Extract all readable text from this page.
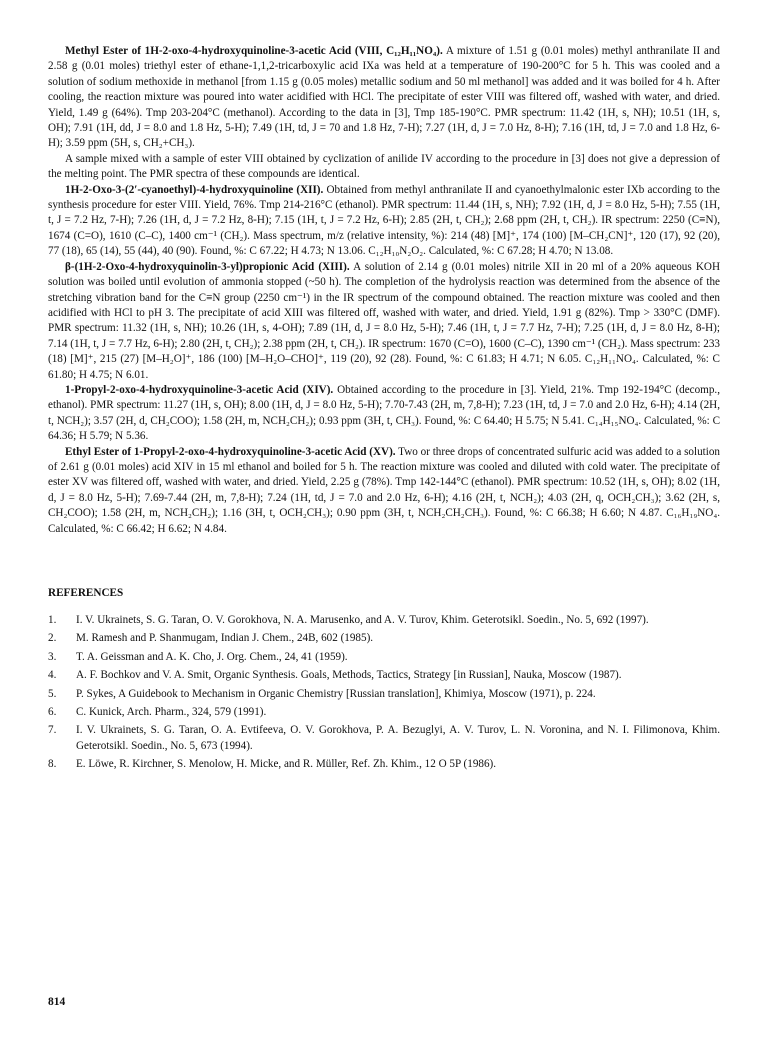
Methyl Ester of 1H-2-oxo-4-hydroxyquinoline-3-acetic Acid (VIII, C₁₂H₁₁NO₄). A mixture of 1.51 g (0.01 moles) methyl anthranilate II and 2.58 g (0.01 moles) triethyl ester of ethane-1,1,2-tricarboxylic acid IXa was held at a temperature of 190-200°C for 5 h. This was cooled and a solution of sodium methoxide in methanol [from 1.15 g (0.05 moles) metallic sodium and 50 ml methanol] was added and it was boiled for 4 h. After cooling, the reaction mixture was poured into water acidified with HCl. The precipitate of ester VIII was filtered off, washed with water, and dried. Yield, 1.49 g (64%). Tmp 203-204°C (methanol). According to the data in [3], Tmp 185-190°C. PMR spectrum: 11.42 (1H, s, NH); 10.51 (1H, s, OH); 7.91 (1H, dd, J = 8.0 and 1.8 Hz, 5-H); 7.49 (1H, td, J = 70 and 1.8 Hz, 7-H); 7.27 (1H, d, J = 7.0 Hz, 8-H); 7.16 (1H, td, J = 7.0 and 1.8 Hz, 6-H); 3.59 ppm (5H, s, CH₂+CH₃).

A sample mixed with a sample of ester VIII obtained by cyclization of anilide IV according to the procedure in [3] does not give a depression of the melting point. The PMR spectra of these compounds are identical.

1H-2-Oxo-3-(2′-cyanoethyl)-4-hydroxyquinoline (XII). Obtained from methyl anthranilate II and cyanoethylmalonic ester IXb according to the synthesis procedure for ester VIII. Yield, 76%. Tmp 214-216°C (ethanol). PMR spectrum: 11.44 (1H, s, NH); 7.92 (1H, d, J = 8.0 Hz, 5-H); 7.55 (1H, t, J = 7.2 Hz, 7-H); 7.26 (1H, d, J = 7.2 Hz, 8-H); 7.15 (1H, t, J = 7.2 Hz, 6-H); 2.85 (2H, t, CH₂); 2.68 ppm (2H, t, CH₂). IR spectrum: 2250 (C≡N), 1674 (C=O), 1610 (C–C), 1400 cm⁻¹ (CH₂). Mass spectrum, m/z (relative intensity, %): 214 (48) [M]⁺, 174 (100) [M–CH₂CN]⁺, 120 (17), 92 (20), 77 (18), 65 (14), 55 (44), 40 (90). Found, %: C 67.22; H 4.73; N 13.06. C₁₂H₁₀N₂O₂. Calculated, %: C 67.28; H 4.70; N 13.08.

β-(1H-2-Oxo-4-hydroxyquinolin-3-yl)propionic Acid (XIII). A solution of 2.14 g (0.01 moles) nitrile XII in 20 ml of a 20% aqueous KOH solution was boiled until evolution of ammonia stopped (~50 h). The completion of the hydrolysis reaction was determined from the absence of the stretching vibration band for the C≡N group (2250 cm⁻¹) in the IR spectrum of the compound obtained. The reaction mixture was cooled and then acidified with HCl to pH 3. The precipitate of acid XIII was filtered off, washed with water, and dried. Yield, 1.91 g (82%). Tmp > 330°C (DMF). PMR spectrum: 11.32 (1H, s, NH); 10.26 (1H, s, 4-OH); 7.89 (1H, d, J = 8.0 Hz, 5-H); 7.46 (1H, t, J = 7.7 Hz, 7-H); 7.25 (1H, d, J = 8.0 Hz, 8-H); 7.14 (1H, t, J = 7.7 Hz, 6-H); 2.80 (2H, t, CH₂); 2.38 ppm (2H, t, CH₂). IR spectrum: 1670 (C=O), 1600 (C–C), 1390 cm⁻¹ (CH₂). Mass spectrum: 233 (18) [M]⁺, 215 (27) [M–H₂O]⁺, 186 (100) [M–H₂O–CHO]⁺, 119 (20), 92 (28). Found, %: C 61.83; H 4.71; N 6.05. C₁₂H₁₁NO₄. Calculated, %: C 61.80; H 4.75; N 6.01.

1-Propyl-2-oxo-4-hydroxyquinoline-3-acetic Acid (XIV). Obtained according to the procedure in [3]. Yield, 21%. Tmp 192-194°C (decomp., ethanol). PMR spectrum: 11.27 (1H, s, OH); 8.00 (1H, d, J = 8.0 Hz, 5-H); 7.70-7.43 (2H, m, 7,8-H); 7.23 (1H, td, J = 7.0 and 2.0 Hz, 6-H); 4.14 (2H, t, NCH₂); 3.57 (2H, d, CH₂COO); 1.58 (2H, m, NCH₂CH₂); 0.93 ppm (3H, t, CH₃). Found, %: C 64.40; H 5.75; N 5.41. C₁₄H₁₅NO₄. Calculated, %: C 64.36; H 5.79; N 5.36.

Ethyl Ester of 1-Propyl-2-oxo-4-hydroxyquinoline-3-acetic Acid (XV). Two or three drops of concentrated sulfuric acid was added to a solution of 2.61 g (0.01 moles) acid XIV in 15 ml ethanol and boiled for 5 h. The reaction mixture was cooled and diluted with cold water. The precipitate of ester XV was filtered off, washed with water, and dried. Yield, 2.25 g (78%). Tmp 142-144°C (ethanol). PMR spectrum: 10.52 (1H, s, OH); 8.02 (1H, d, J = 8.0 Hz, 5-H); 7.69-7.44 (2H, m, 7,8-H); 7.24 (1H, td, J = 7.0 and 2.0 Hz, 6-H); 4.16 (2H, t, NCH₂); 4.03 (2H, q, OCH₂CH₃); 3.62 (2H, s, CH₂COO); 1.58 (2H, m, NCH₂CH₂); 1.16 (3H, t, OCH₂CH₃); 0.90 ppm (3H, t, NCH₂CH₂CH₃). Found, %: C 66.38; H 6.60; N 4.87. C₁₆H₁₉NO₄. Calculated, %: C 66.42; H 6.62; N 4.84.

REFERENCES
1.	I. V. Ukrainets, S. G. Taran, O. V. Gorokhova, N. A. Marusenko, and A. V. Turov, Khim. Geterotsikl. Soedin., No. 5, 692 (1997).
2.	M. Ramesh and P. Shanmugam, Indian J. Chem., 24B, 602 (1985).
3.	T. A. Geissman and A. K. Cho, J. Org. Chem., 24, 41 (1959).
4.	A. F. Bochkov and V. A. Smit, Organic Synthesis. Goals, Methods, Tactics, Strategy [in Russian], Nauka, Moscow (1987).
5.	P. Sykes, A Guidebook to Mechanism in Organic Chemistry [Russian translation], Khimiya, Moscow (1971), p. 224.
6.	C. Kunick, Arch. Pharm., 324, 579 (1991).
7.	I. V. Ukrainets, S. G. Taran, O. A. Evtifeeva, O. V. Gorokhova, P. A. Bezuglyi, A. V. Turov, L. N. Voronina, and N. I. Filimonova, Khim. Geterotsikl. Soedin., No. 5, 673 (1994).
8.	E. Löwe, R. Kirchner, S. Menolow, H. Micke, and R. Müller, Ref. Zh. Khim., 12 O 5P (1986).
814
